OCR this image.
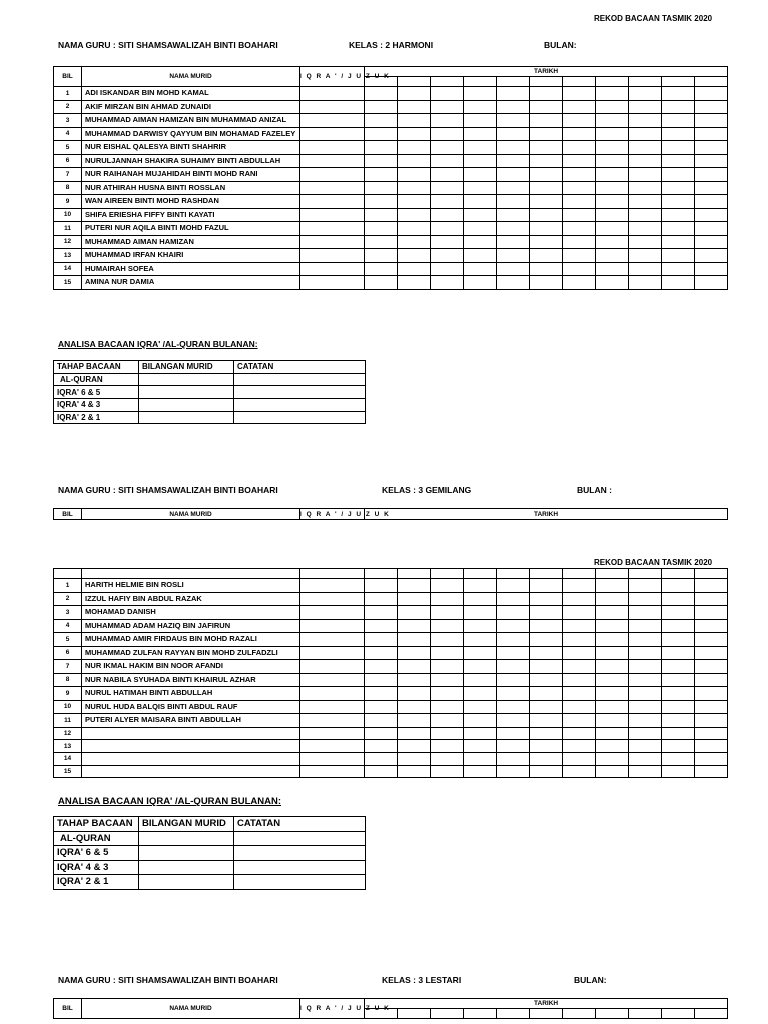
REKOD BACAAN TASMIK 2020
NAMA GURU : SITI SHAMSAWALIZAH BINTI BOAHARI	KELAS : 2 HARMONI	BULAN:
BIL	NAMA MURID	I Q R A ' / J U Z U K	TARIKH										

1	ADI ISKANDAR BIN MOHD KAMAL												
2	AKIF MIRZAN BIN AHMAD ZUNAIDI												
3	MUHAMMAD AIMAN HAMIZAN BIN MUHAMMAD ANIZAL												
4	MUHAMMAD DARWISY QAYYUM BIN MOHAMAD FAZELEY												
5	NUR EISHAL QALESYA BINTI SHAHRIR												
6	NURULJANNAH SHAKIRA SUHAIMY BINTI ABDULLAH												
7	NUR RAIHANAH MUJAHIDAH BINTI MOHD RANI												
8	NUR ATHIRAH HUSNA BINTI ROSSLAN												
9	WAN AIREEN BINTI MOHD RASHDAN												
10	SHIFA ERIESHA FIFFY BINTI KAYATI												
11	PUTERI NUR AQILA BINTI MOHD FAZUL												
12	MUHAMMAD AIMAN HAMIZAN												
13	MUHAMMAD IRFAN KHAIRI												
14	HUMAIRAH SOFEA												
15	AMINA NUR DAMIA												
ANALISA BACAAN IQRA' /AL-QURAN BULANAN:
TAHAP BACAAN	BILANGAN MURID	CATATAN
AL-QURAN		
IQRA' 6 & 5		
IQRA' 4 & 3		
IQRA' 2 & 1		
NAMA GURU : SITI SHAMSAWALIZAH BINTI BOAHARI	KELAS : 3 GEMILANG	BULAN :
BIL	NAMA MURID	I Q R A ' / J U Z U K	TARIKH
REKOD BACAAN TASMIK 2020

1	HARITH HELMIE BIN ROSLI												
2	IZZUL HAFIY BIN ABDUL RAZAK												
3	MOHAMAD DANISH												
4	MUHAMMAD ADAM HAZIQ BIN JAFIRUN												
5	MUHAMMAD AMIR FIRDAUS BIN MOHD RAZALI												
6	MUHAMMAD ZULFAN RAYYAN BIN MOHD ZULFADZLI												
7	NUR IKMAL HAKIM BIN NOOR AFANDI												
8	NUR NABILA SYUHADA BINTI KHAIRUL AZHAR												
9	NURUL HATIMAH BINTI ABDULLAH												
10	NURUL HUDA BALQIS BINTI ABDUL RAUF												
11	PUTERI ALYER MAISARA BINTI ABDULLAH												
12													
13													
14													
15													
ANALISA BACAAN IQRA' /AL-QURAN BULANAN:
TAHAP BACAAN	BILANGAN MURID	CATATAN
AL-QURAN		
IQRA' 6 & 5		
IQRA' 4 & 3		
IQRA' 2 & 1		
NAMA GURU : SITI SHAMSAWALIZAH BINTI BOAHARI	KELAS : 3 LESTARI	BULAN:
BIL	NAMA MURID	I Q R A ' / J U Z U K	TARIKH										
